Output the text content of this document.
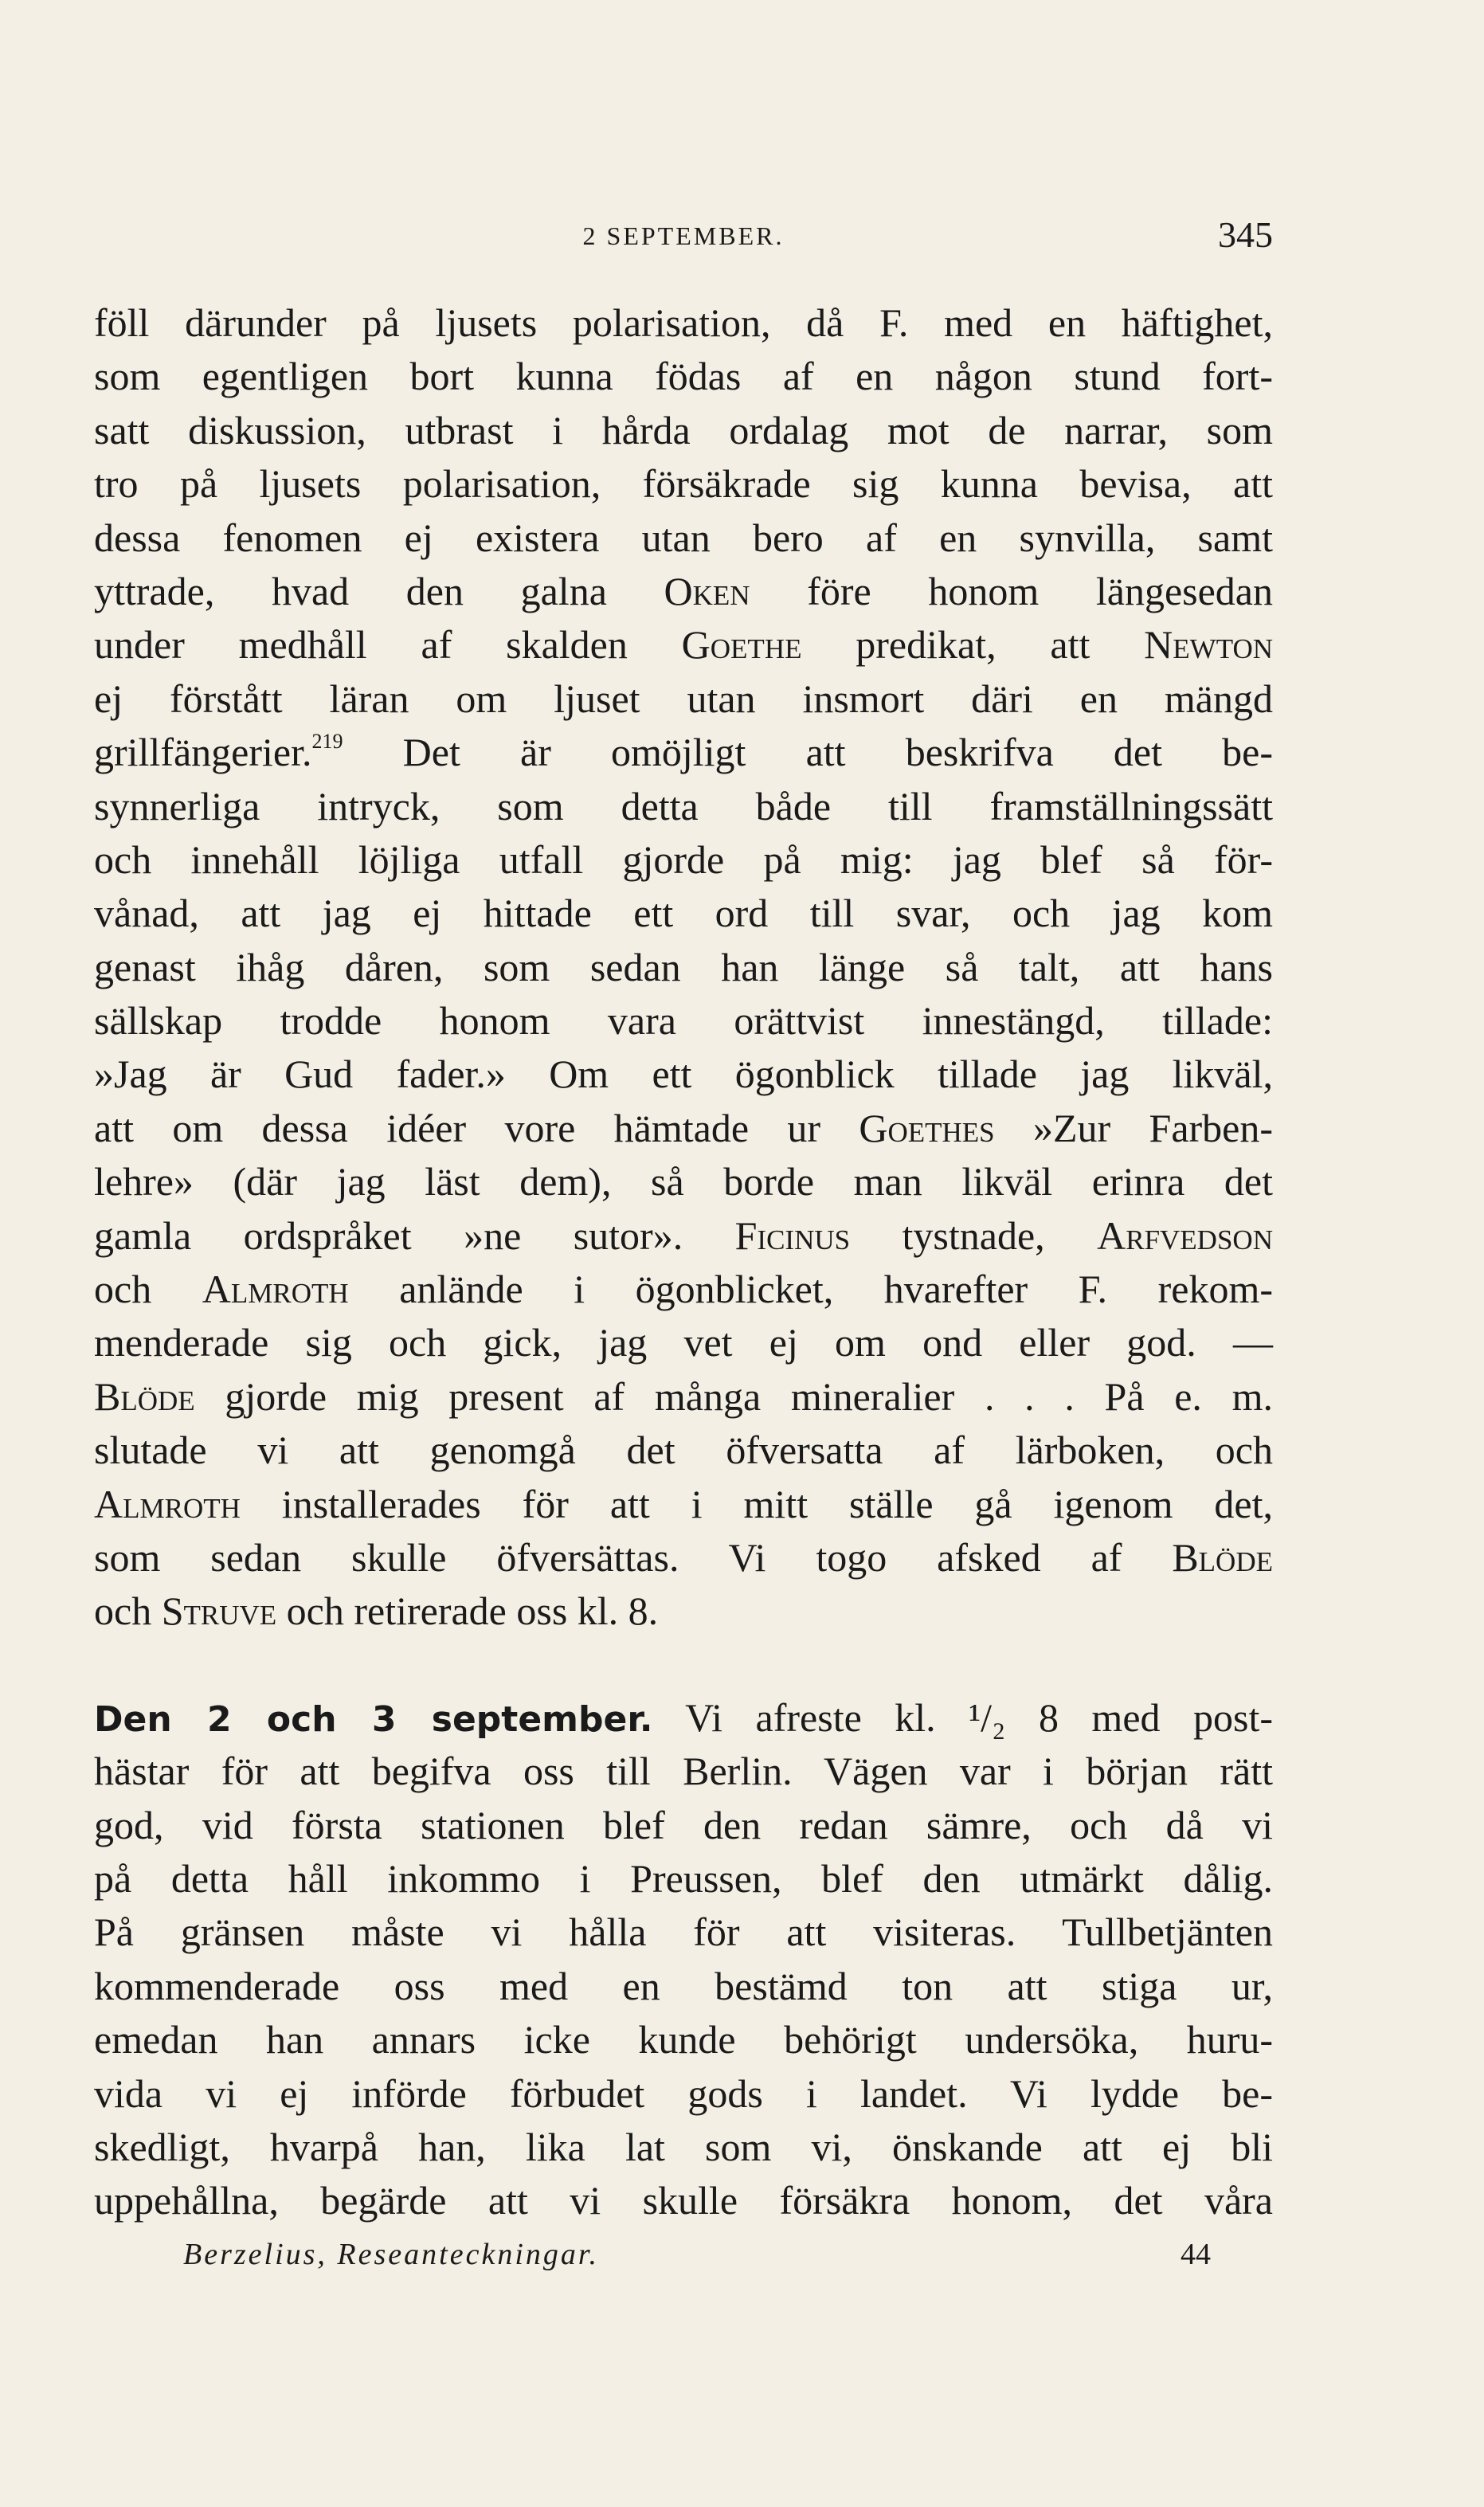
2 SEPTEMBER.	345
föll därunder på ljusets polarisation, då F. med en häftighet,
som egentligen bort kunna födas af en någon stund fort-
satt diskussion, utbrast i hårda ordalag mot de narrar, som
tro på ljusets polarisation, försäkrade sig kunna bevisa, att
dessa fenomen ej existera utan bero af en synvilla, samt
yttrade, hvad den galna Oken före honom längesedan
under medhåll af skalden Goethe predikat, att Newton
ej förstått läran om ljuset utan insmort däri en mängd
grillfängerier.$^{219}$ Det är omöjligt att beskrifva det be-
synnerliga intryck, som detta både till framställningssätt
och innehåll löjliga utfall gjorde på mig: jag blef så för-
vånad, att jag ej hittade ett ord till svar, och jag kom
genast ihåg dåren, som sedan han länge så talt, att hans
sällskap trodde honom vara orättvist innestängd, tillade:
»Jag är Gud fader.» Om ett ögonblick tillade jag likväl,
att om dessa idéer vore hämtade ur Goethes »Zur Farben-
lehre» (där jag läst dem), så borde man likväl erinra det
gamla ordspråket »ne sutor». Ficinus tystnade, Arfvedson
och Almroth anlände i ögonblicket, hvarefter F. rekom-
menderade sig och gick, jag vet ej om ond eller god. —
Blöde gjorde mig present af många mineralier . . . På e. m.
slutade vi att genomgå det öfversatta af lärboken, och
Almroth installerades för att i mitt ställe gå igenom det,
som sedan skulle öfversättas. Vi togo afsked af Blöde
och Struve och retirerade oss kl. 8.
Den 2 och 3 september. Vi afreste kl. ¹/₂ 8 med post-
hästar för att begifva oss till Berlin. Vägen var i början rätt
god, vid första stationen blef den redan sämre, och då vi
på detta håll inkommo i Preussen, blef den utmärkt dålig.
På gränsen måste vi hålla för att visiteras. Tullbetjänten
kommenderade oss med en bestämd ton att stiga ur,
emedan han annars icke kunde behörigt undersöka, huru-
vida vi ej införde förbudet gods i landet. Vi lydde be-
skedligt, hvarpå han, lika lat som vi, önskande att ej bli
uppehållna, begärde att vi skulle försäkra honom, det våra
Berzelius, Reseanteckningar.	44
